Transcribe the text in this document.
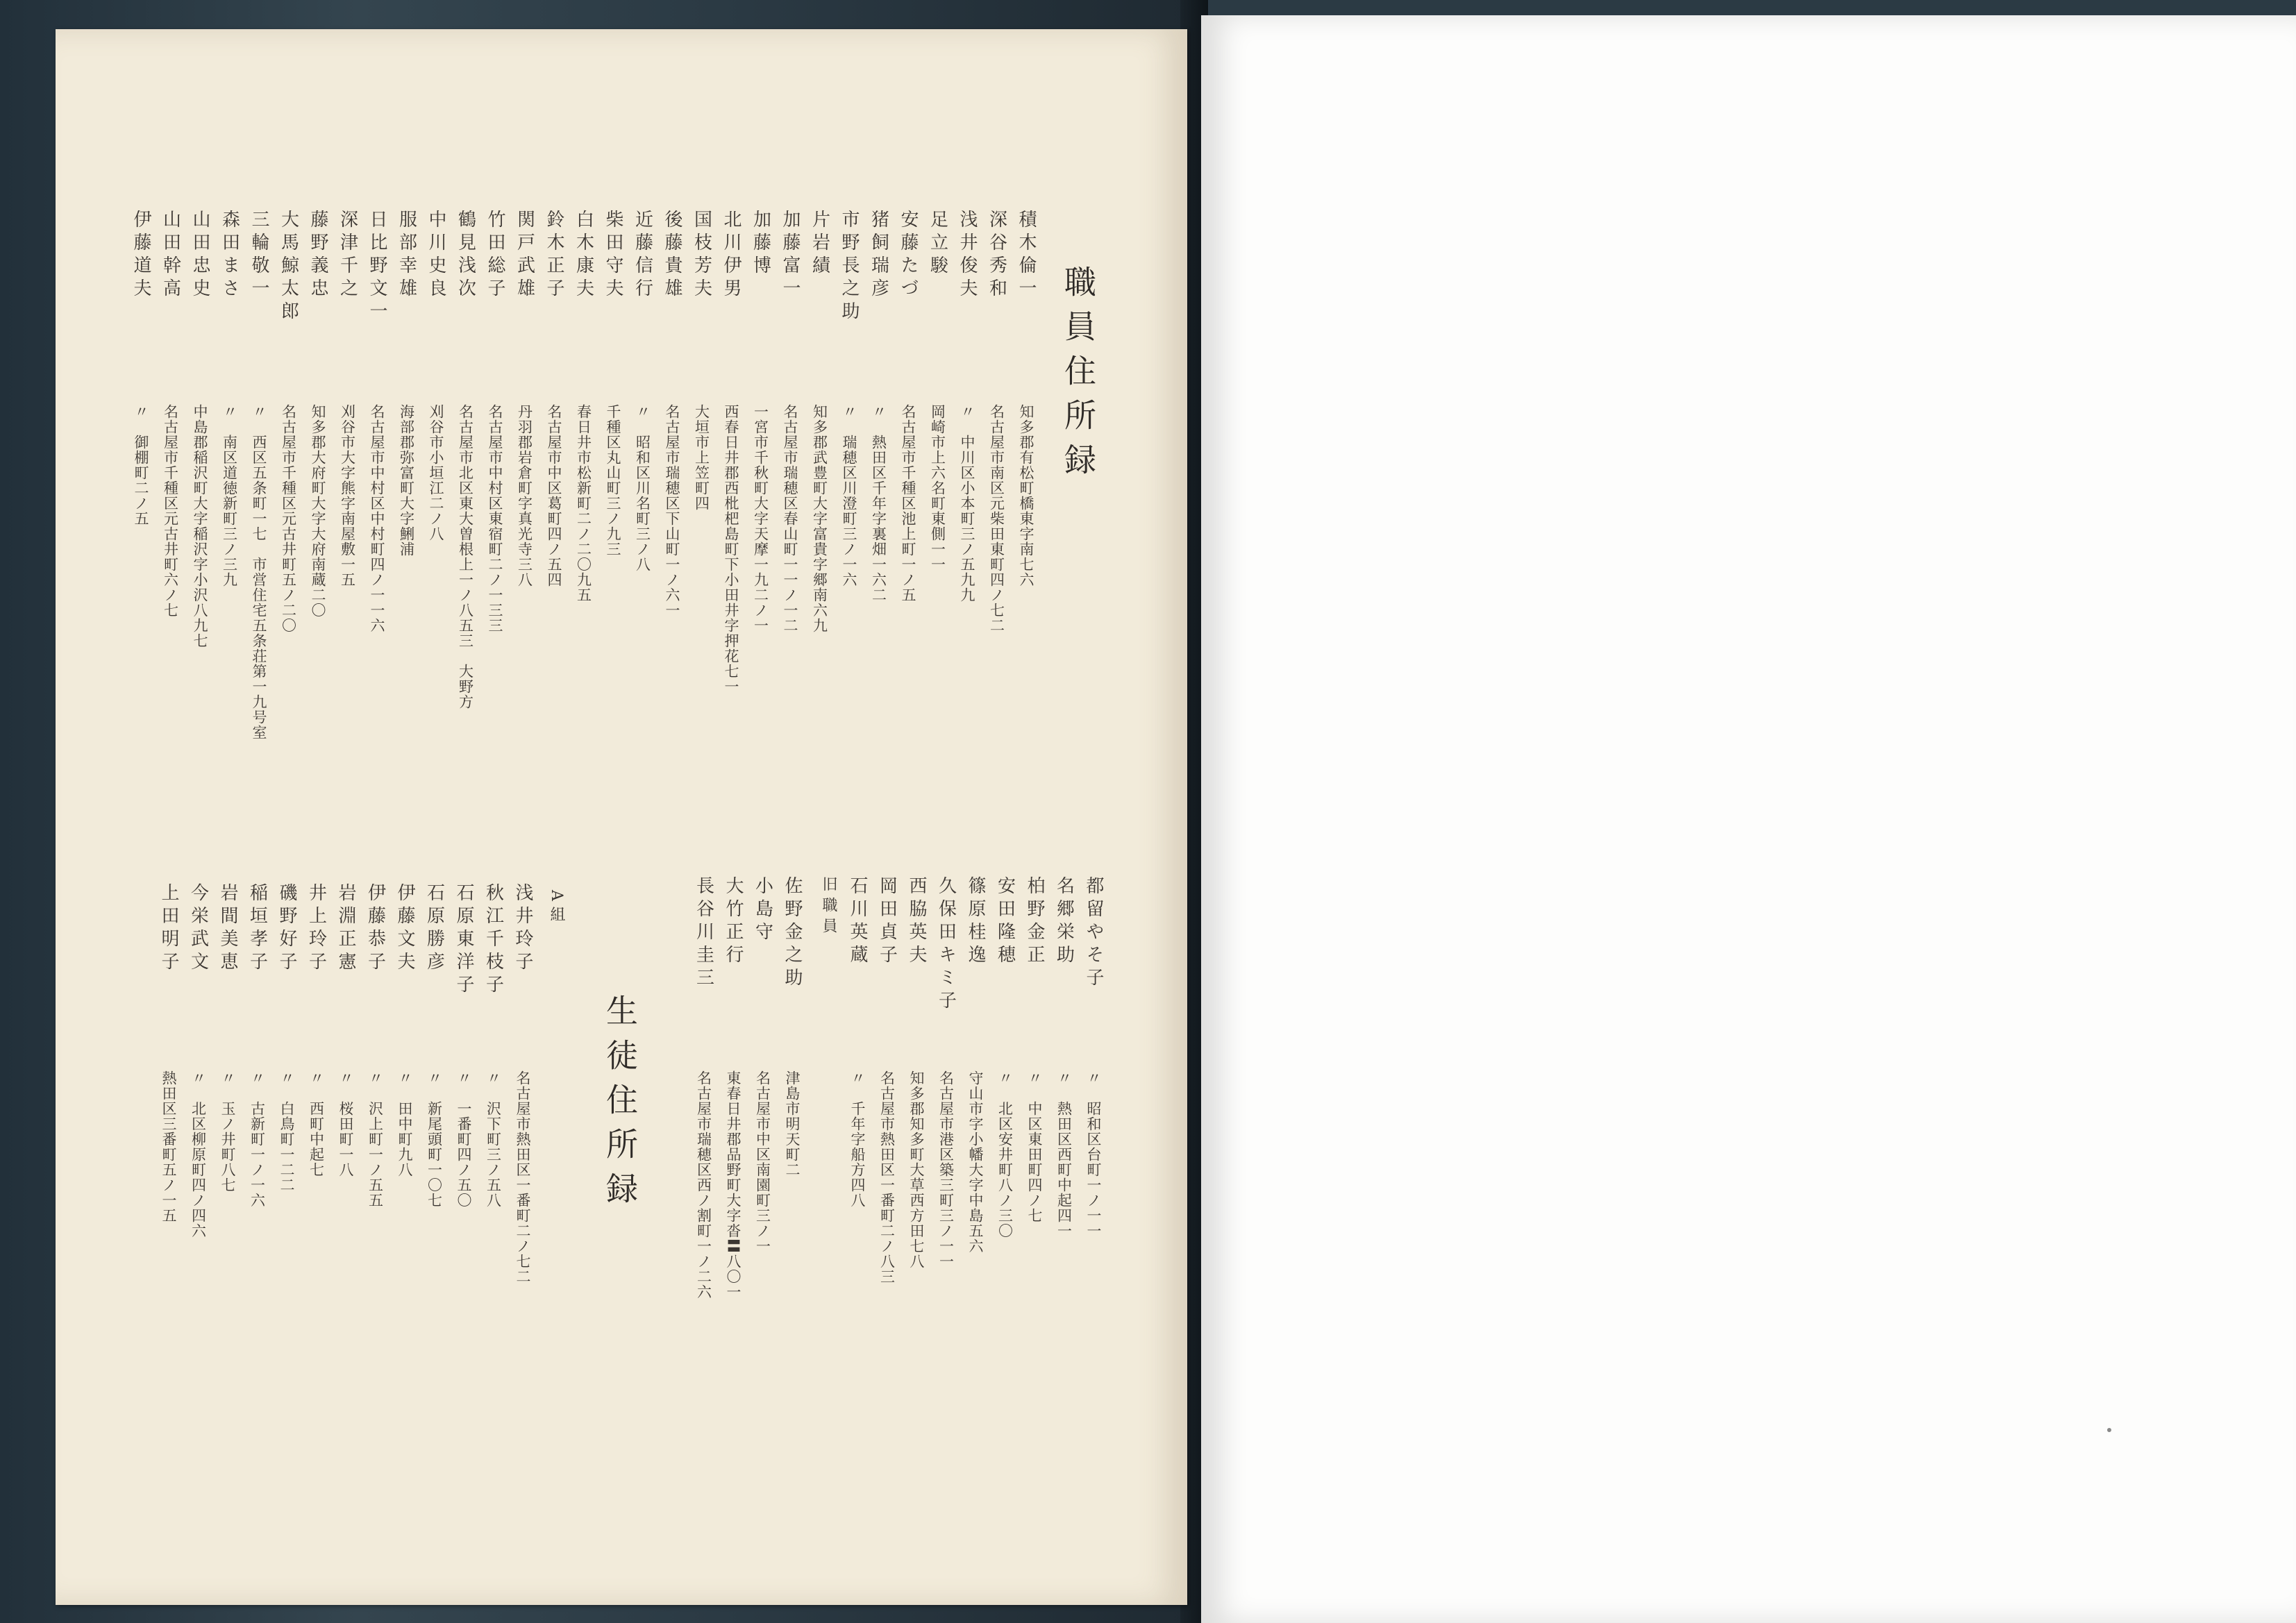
職員住所録
積木倫一
知多郡有松町橋東字南七六
深谷秀和
名古屋市南区元柴田東町四ノ七二
浅井俊夫
〃　中川区小本町三ノ五九九
足立駿
岡崎市上六名町東側一一
安藤たづ
名古屋市千種区池上町一ノ五
猪飼瑞彦
〃　熱田区千年字裏畑一六二
市野長之助
〃　瑞穂区川澄町三ノ一六
片岩績
知多郡武豊町大字富貴字郷南六九
加藤富一
名古屋市瑞穂区春山町一一ノ一二
加藤博
一宮市千秋町大字天摩一九二ノ一
北川伊男
西春日井郡西枇杷島町下小田井字押花七一
国枝芳夫
大垣市上笠町四
後藤貴雄
名古屋市瑞穂区下山町一ノ六一
近藤信行
〃　昭和区川名町三ノ八
柴田守夫
千種区丸山町三ノ九三
白木康夫
春日井市松新町二ノ二〇九五
鈴木正子
名古屋市中区葛町四ノ五四
関戸武雄
丹羽郡岩倉町字真光寺三八
竹田総子
名古屋市中村区東宿町二ノ一三三
鶴見浅次
名古屋市北区東大曽根上一ノ八五三　大野方
中川史良
刈谷市小垣江二ノ八
服部幸雄
海部郡弥富町大字鯏浦
日比野文一
名古屋市中村区中村町四ノ一一六
深津千之
刈谷市大字熊字南屋敷一五
藤野義忠
知多郡大府町大字大府南蔵二〇
大馬鯨太郎
名古屋市千種区元古井町五ノ二〇
三輪敬一
〃　西区五条町一七　市営住宅五条荘第一九号室
森田まさ
〃　南区道徳新町三ノ三九
山田忠史
中島郡稲沢町大字稲沢字小沢八九七
山田幹高
名古屋市千種区元古井町六ノ七
伊藤道夫
〃　御棚町二ノ五
都留やそ子
〃　昭和区台町一ノ一一
名郷栄助
〃　熱田区西町中起四一
柏野金正
〃　中区東田町四ノ七
安田隆穂
〃　北区安井町八ノ三〇
篠原桂逸
守山市字小幡大字中島五六
久保田キミ子
名古屋市港区築三町三ノ一一
西脇英夫
知多郡知多町大草西方田七八
岡田貞子
名古屋市熱田区一番町二ノ八三
石川英蔵
〃　千年字船方四八
旧職員
佐野金之助
津島市明天町二
小島守
名古屋市中区南園町三ノ一
大竹正行
東春日井郡品野町大字沓〓八〇一
長谷川圭三
名古屋市瑞穂区西ノ割町一ノ二六
生徒住所録
A組
浅井玲子
名古屋市熱田区一番町二ノ七二
秋江千枝子
〃　沢下町三ノ五八
石原東洋子
〃　一番町四ノ五〇
石原勝彦
〃　新尾頭町一〇七
伊藤文夫
〃　田中町九八
伊藤恭子
〃　沢上町一ノ五五
岩淵正憲
〃　桜田町一八
井上玲子
〃　西町中起七
磯野好子
〃　白鳥町一二二
稲垣孝子
〃　古新町一ノ一六
岩間美恵
〃　玉ノ井町八七
今栄武文
〃　北区柳原町四ノ四六
上田明子
熱田区三番町五ノ一五
